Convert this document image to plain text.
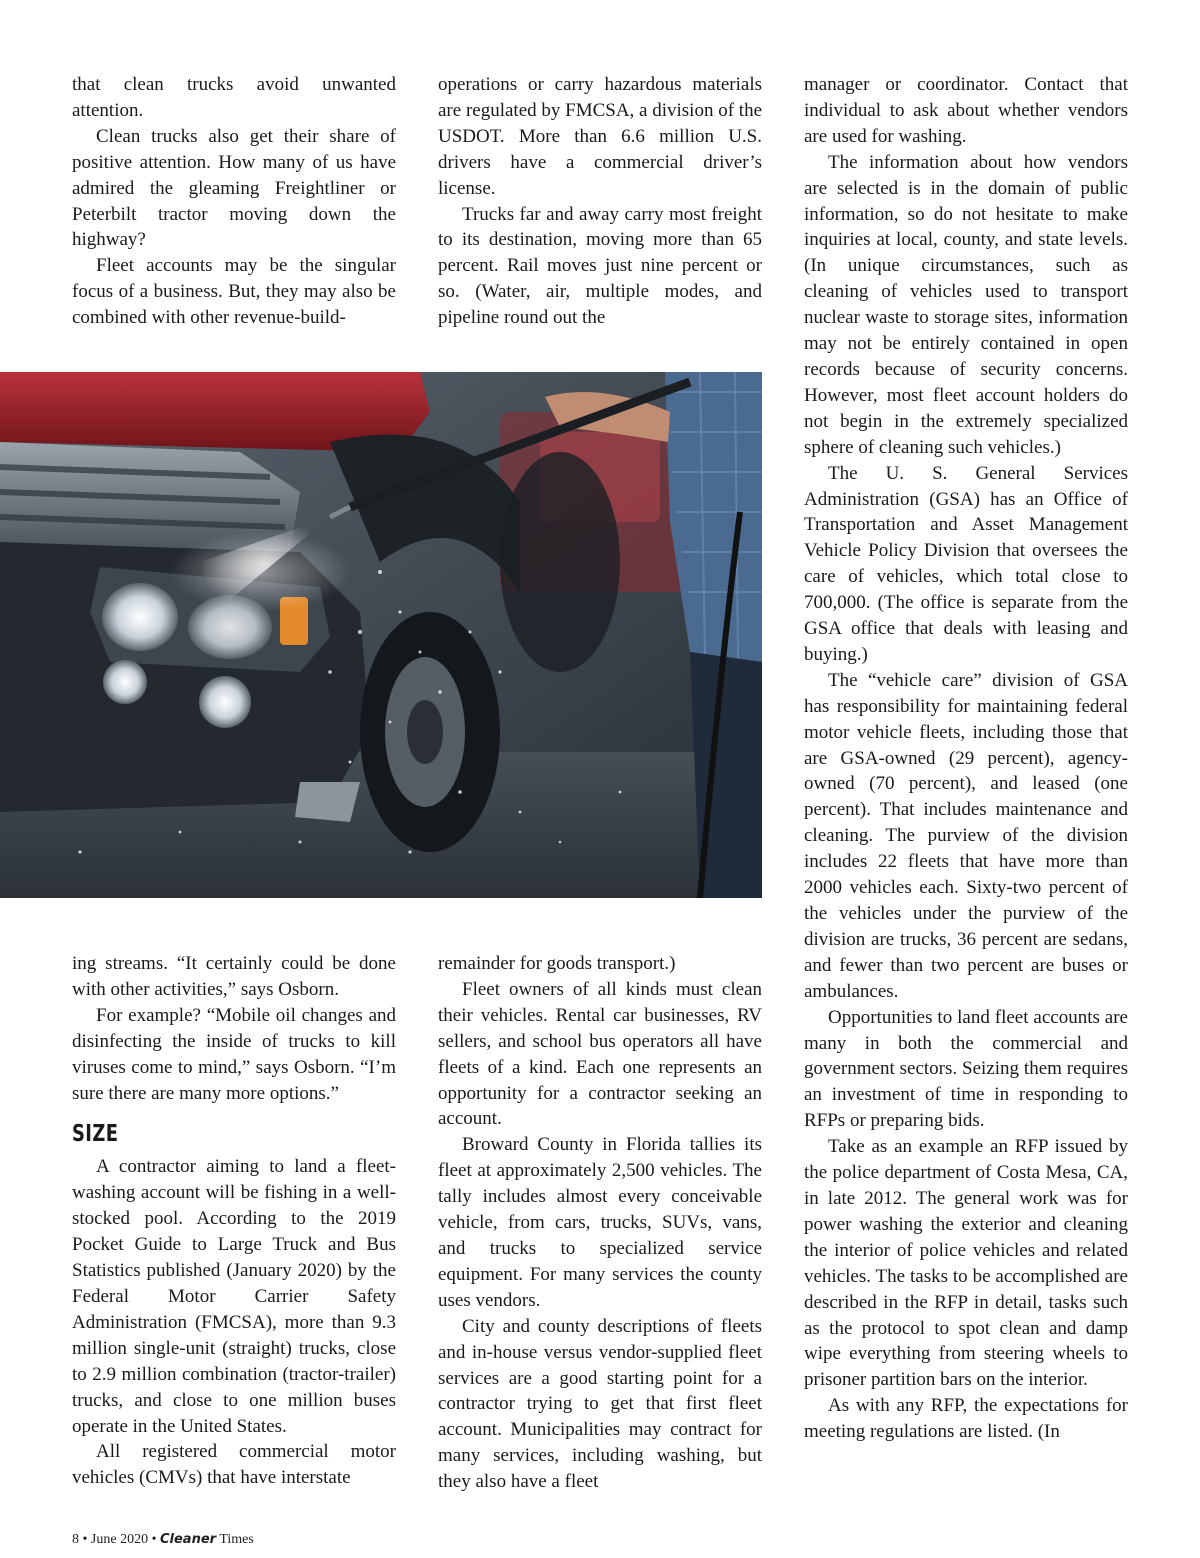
that clean trucks avoid unwanted attention.

Clean trucks also get their share of positive attention. How many of us have admired the gleaming Freightliner or Peterbilt tractor moving down the highway?

Fleet accounts may be the singular focus of a business. But, they may also be combined with other revenue-build-

operations or carry hazardous materials are regulated by FMCSA, a division of the USDOT. More than 6.6 million U.S. drivers have a commercial driver’s license.

Trucks far and away carry most freight to its destination, moving more than 65 percent. Rail moves just nine percent or so. (Water, air, multiple modes, and pipeline round out the

manager or coordinator. Contact that individual to ask about whether vendors are used for washing.

The information about how vendors are selected is in the domain of public information, so do not hesitate to make inquiries at local, county, and state levels. (In unique circumstances, such as cleaning of vehicles used to transport nuclear waste to storage sites, information may not be entirely contained in open records because of security concerns. However, most fleet account holders do not begin in the extremely specialized sphere of cleaning such vehicles.)

The U. S. General Services Administration (GSA) has an Office of Transportation and Asset Management Vehicle Policy Division that oversees the care of vehicles, which total close to 700,000. (The office is separate from the GSA office that deals with leasing and buying.)

The “vehicle care” division of GSA has responsibility for maintaining federal motor vehicle fleets, including those that are GSA-owned (29 percent), agency-owned (70 percent), and leased (one percent). That includes maintenance and cleaning. The purview of the division includes 22 fleets that have more than 2000 vehicles each. Sixty-two percent of the vehicles under the purview of the division are trucks, 36 percent are sedans, and fewer than two percent are buses or ambulances.

Opportunities to land fleet accounts are many in both the commercial and government sectors. Seizing them requires an investment of time in responding to RFPs or preparing bids.

Take as an example an RFP issued by the police department of Costa Mesa, CA, in late 2012. The general work was for power washing the exterior and cleaning the interior of police vehicles and related vehicles. The tasks to be accomplished are described in the RFP in detail, tasks such as the protocol to spot clean and damp wipe everything from steering wheels to prisoner partition bars on the interior.

As with any RFP, the expectations for meeting regulations are listed. (In

ing streams. “It certainly could be done with other activities,” says Osborn.

For example? “Mobile oil changes and disinfecting the inside of trucks to kill viruses come to mind,” says Osborn. “I’m sure there are many more options.”

SIZE

A contractor aiming to land a fleet-washing account will be fishing in a well-stocked pool. According to the 2019 Pocket Guide to Large Truck and Bus Statistics published (January 2020) by the Federal Motor Carrier Safety Administration (FMCSA), more than 9.3 million single-unit (straight) trucks, close to 2.9 million combination (tractor-trailer) trucks, and close to one million buses operate in the United States.

All registered commercial motor vehicles (CMVs) that have interstate

remainder for goods transport.)

Fleet owners of all kinds must clean their vehicles. Rental car businesses, RV sellers, and school bus operators all have fleets of a kind. Each one represents an opportunity for a contractor seeking an account.

Broward County in Florida tallies its fleet at approximately 2,500 vehicles. The tally includes almost every conceivable vehicle, from cars, trucks, SUVs, vans, and trucks to specialized service equipment. For many services the county uses vendors.

City and county descriptions of fleets and in-house versus vendor-supplied fleet services are a good starting point for a contractor trying to get that first fleet account. Municipalities may contract for many services, including washing, but they also have a fleet

8 • June 2020 • Cleaner Times
